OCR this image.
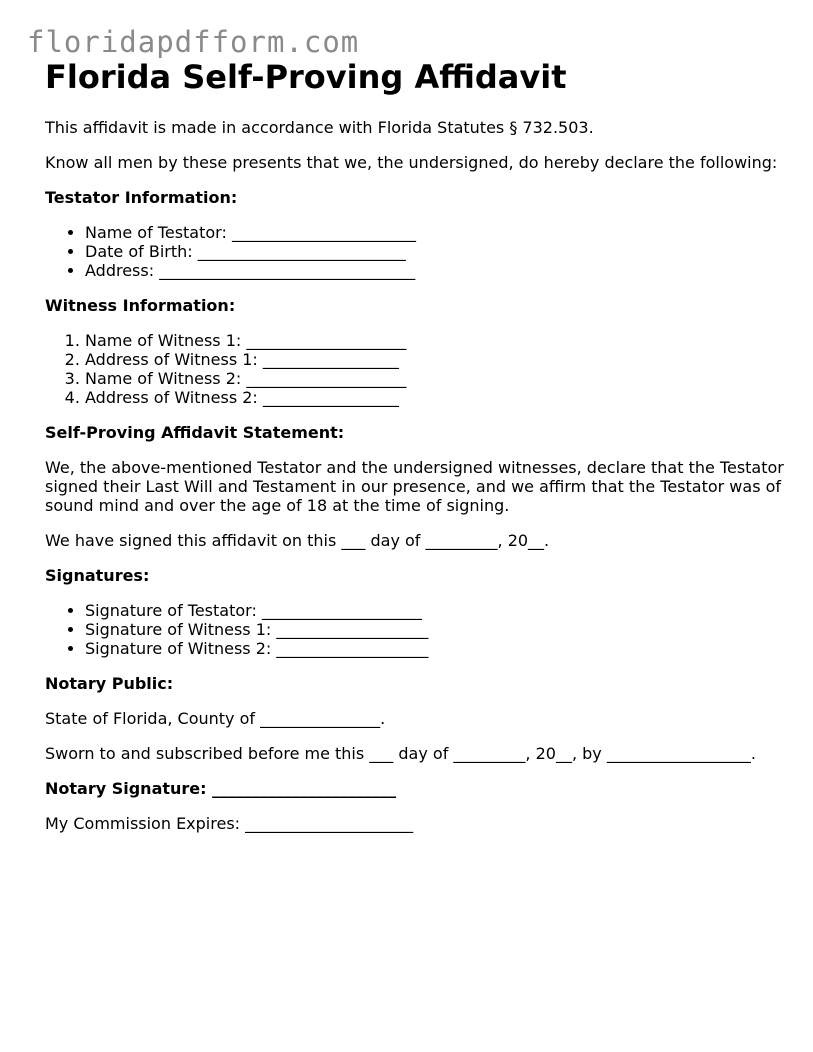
floridapdfform.com
Florida Self-Proving Affidavit

This affidavit is made in accordance with Florida Statutes § 732.503.

Know all men by these presents that we, the undersigned, do hereby declare the following:

Testator Information:

• Name of Testator: _______________________
• Date of Birth: __________________________
• Address: ________________________________

Witness Information:

1. Name of Witness 1: ____________________
2. Address of Witness 1: _________________
3. Name of Witness 2: ____________________
4. Address of Witness 2: _________________

Self-Proving Affidavit Statement:

We, the above-mentioned Testator and the undersigned witnesses, declare that the Testator signed their Last Will and Testament in our presence, and we affirm that the Testator was of sound mind and over the age of 18 at the time of signing.

We have signed this affidavit on this ___ day of _________, 20__.

Signatures:

• Signature of Testator: ____________________
• Signature of Witness 1: ___________________
• Signature of Witness 2: ___________________

Notary Public:

State of Florida, County of _______________.

Sworn to and subscribed before me this ___ day of _________, 20__, by __________________.

Notary Signature: _______________________

My Commission Expires: _____________________
